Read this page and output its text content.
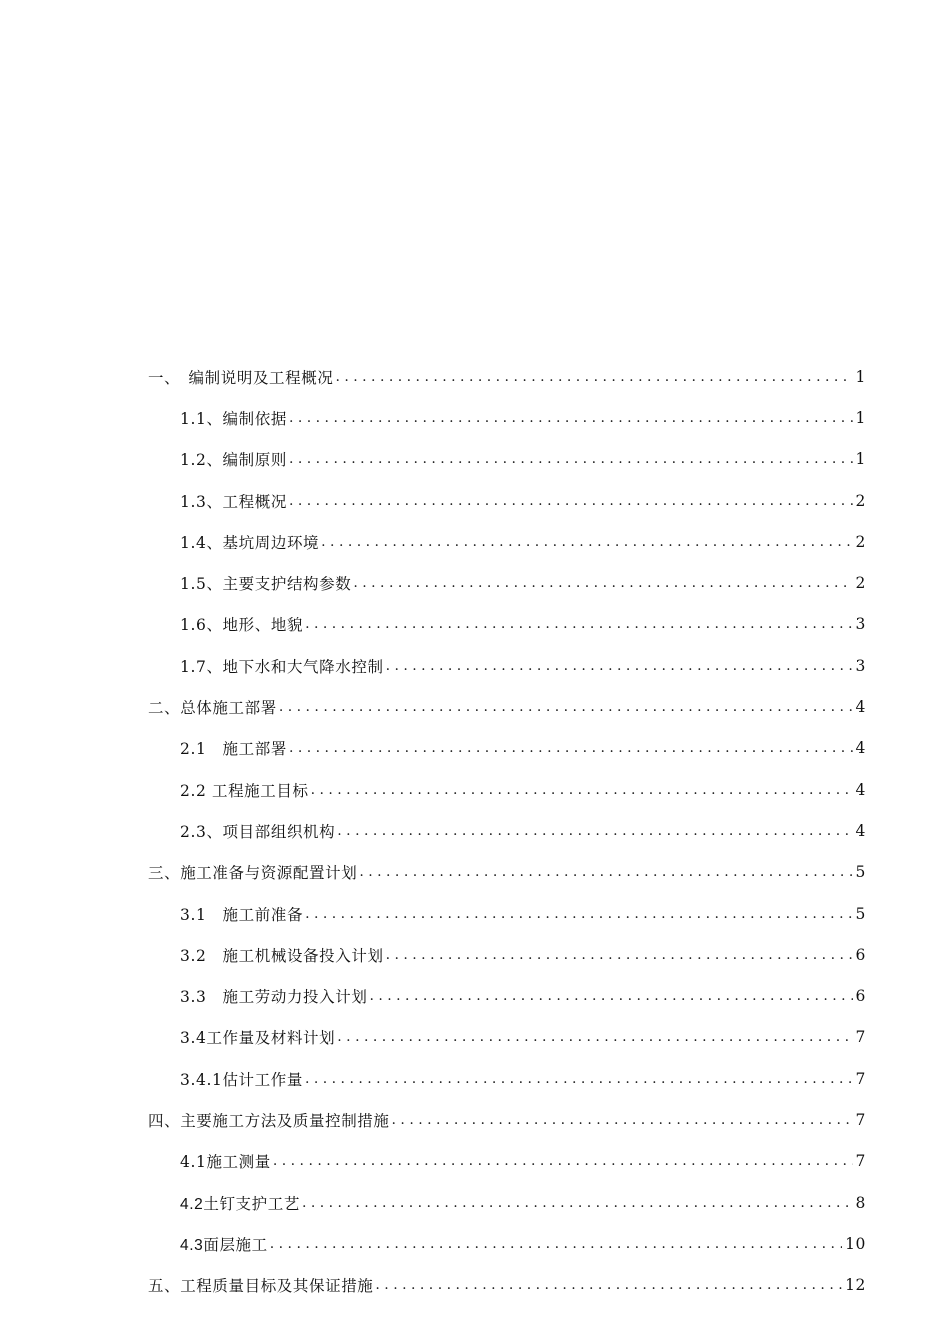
一、　编制说明及工程概况 . . .	1
1.1、编制依据 . . .	1
1.2、编制原则 . . .	1
1.3、工程概况 . . .	2
1.4、基坑周边环境 . . .	2
1.5、主要支护结构参数 . . .	2
1.6、地形、地貌 . . .	3
1.7、地下水和大气降水控制 . . .	3
二、总体施工部署 . . .	4
2.1　施工部署 . . .	4
2.2 工程施工目标 . . .	4
2.3、项目部组织机构 . . .	4
三、施工准备与资源配置计划 . . .	5
3.1　施工前准备 . . .	5
3.2　施工机械设备投入计划 . . .	6
3.3　施工劳动力投入计划 . . .	6
3.4工作量及材料计划 . . .	7
3.4.1估计工作量 . . .	7
四、主要施工方法及质量控制措施 . . .	7
4.1施工测量 . . .	7
4.2土钉支护工艺 . . .	8
4.3面层施工 . . .	10
五、工程质量目标及其保证措施 . . .	12
